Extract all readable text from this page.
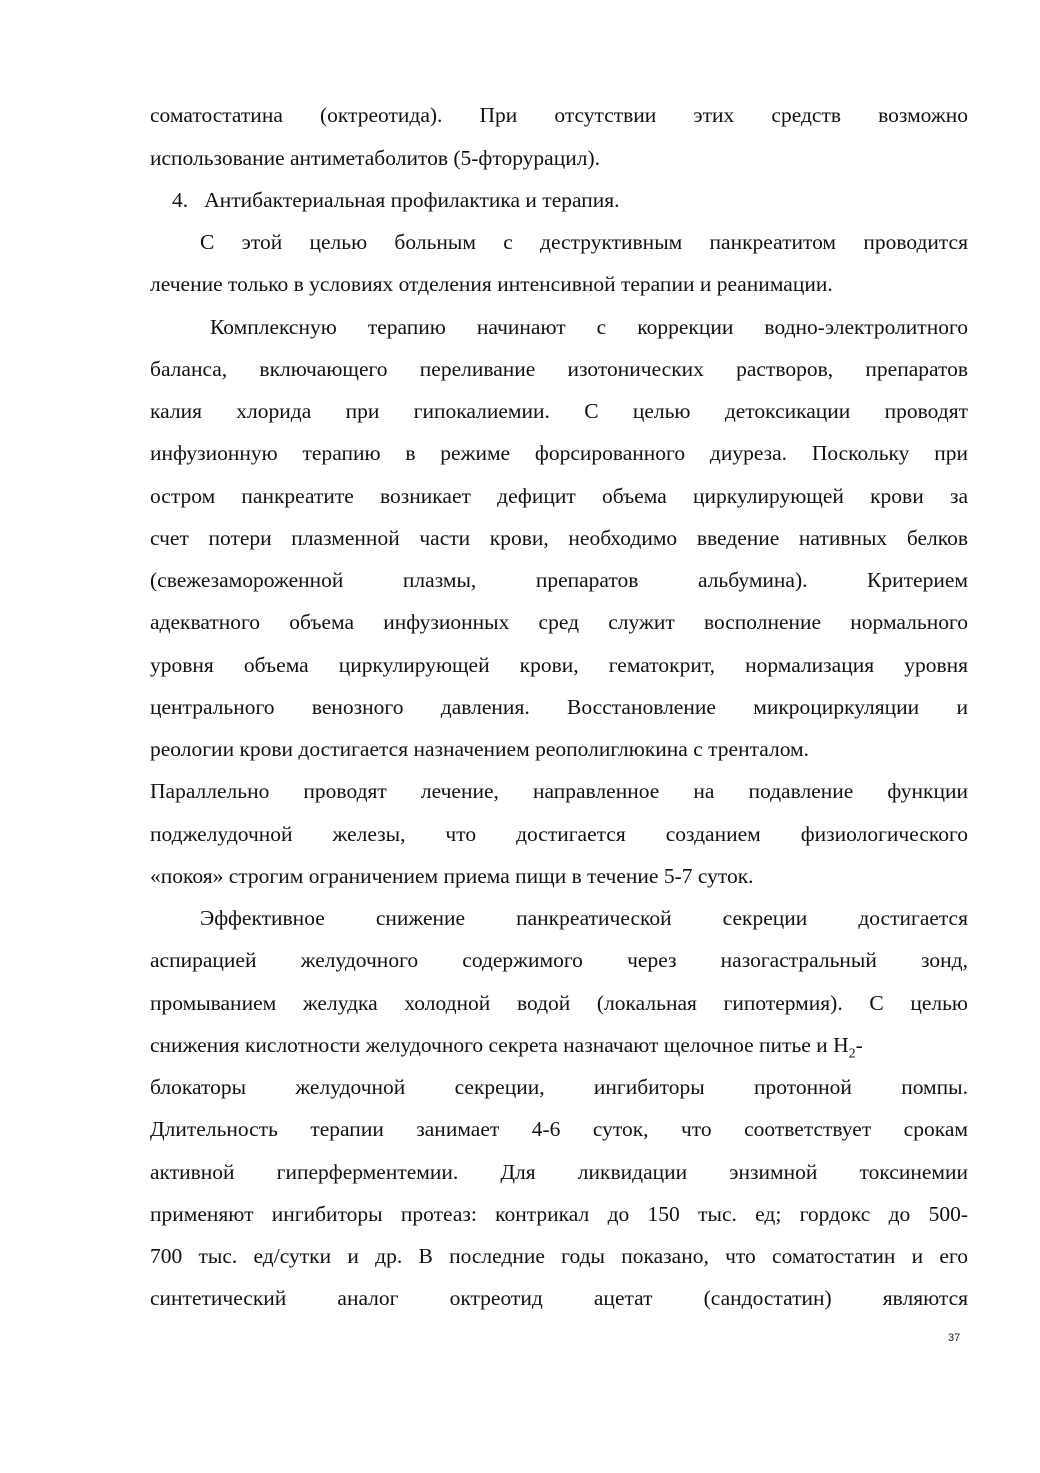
соматостатина (октреотида). При отсутствии этих средств возможно
использование антиметаболитов (5-фторурацил).
4.   Антибактериальная профилактика и терапия.
С этой целью больным с деструктивным панкреатитом проводится
лечение только в условиях отделения интенсивной терапии и реанимации.
Комплексную терапию начинают с коррекции водно-электролитного
баланса, включающего переливание изотонических растворов, препаратов
калия хлорида при гипокалиемии. С целью детоксикации проводят
инфузионную терапию в режиме форсированного диуреза. Поскольку при
остром панкреатите возникает дефицит объема циркулирующей крови за
счет потери плазменной части крови, необходимо введение нативных белков
(свежезамороженной плазмы, препаратов альбумина). Критерием
адекватного объема инфузионных сред служит восполнение нормального
уровня объема циркулирующей крови, гематокрит, нормализация уровня
центрального венозного давления. Восстановление микроциркуляции и
реологии крови достигается назначением реополиглюкина с тренталом.
Параллельно проводят лечение, направленное на подавление функции
поджелудочной железы, что достигается созданием физиологического
«покоя» строгим ограничением приема пищи в течение 5-7 суток.
Эффективное снижение панкреатической секреции достигается
аспирацией желудочного содержимого через назогастральный зонд,
промыванием желудка холодной водой (локальная гипотермия). С целью
снижения кислотности желудочного секрета назначают щелочное питье и $Н_2-$
блокаторы желудочной секреции, ингибиторы протонной помпы.
Длительность терапии занимает 4-6 суток, что соответствует срокам
активной гиперферментемии. Для ликвидации энзимной токсинемии
применяют ингибиторы протеаз: контрикал до 150 тыс. ед; гордокс до 500-
700 тыс. ед/сутки и др. В последние годы показано, что соматостатин и его
синтетический аналог октреотид ацетат (сандостатин) являются
37
